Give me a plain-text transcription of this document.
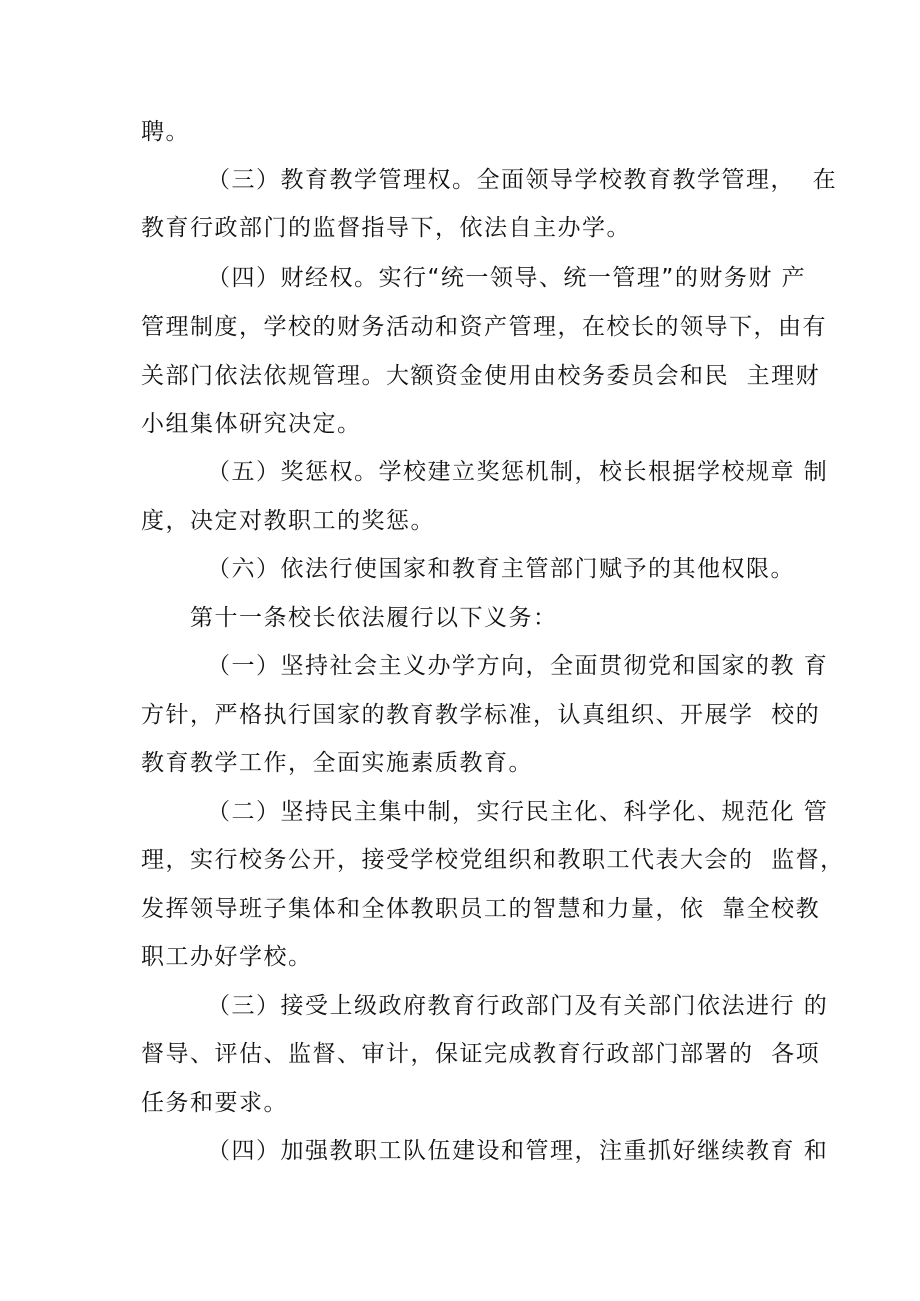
聘。

（三）教育教学管理权。全面领导学校教育教学管理，  在

教育行政部门的监督指导下，依法自主办学。

（四）财经权。实行“统一领导、统一管理”的财务财 产

管理制度，学校的财务活动和资产管理，在校长的领导下，由有

关部门依法依规管理。大额资金使用由校务委员会和民  主理财

小组集体研究决定。

（五）奖惩权。学校建立奖惩机制，校长根据学校规章 制

度，决定对教职工的奖惩。

（六）依法行使国家和教育主管部门赋予的其他权限。

第十一条校长依法履行以下义务：

（一）坚持社会主义办学方向，全面贯彻党和国家的教 育

方针，严格执行国家的教育教学标准，认真组织、开展学  校的

教育教学工作，全面实施素质教育。

（二）坚持民主集中制，实行民主化、科学化、规范化 管

理，实行校务公开，接受学校党组织和教职工代表大会的  监督，

发挥领导班子集体和全体教职员工的智慧和力量，依  靠全校教

职工办好学校。

（三）接受上级政府教育行政部门及有关部门依法进行 的

督导、评估、监督、审计，保证完成教育行政部门部署的  各项

任务和要求。

（四）加强教职工队伍建设和管理，注重抓好继续教育 和
